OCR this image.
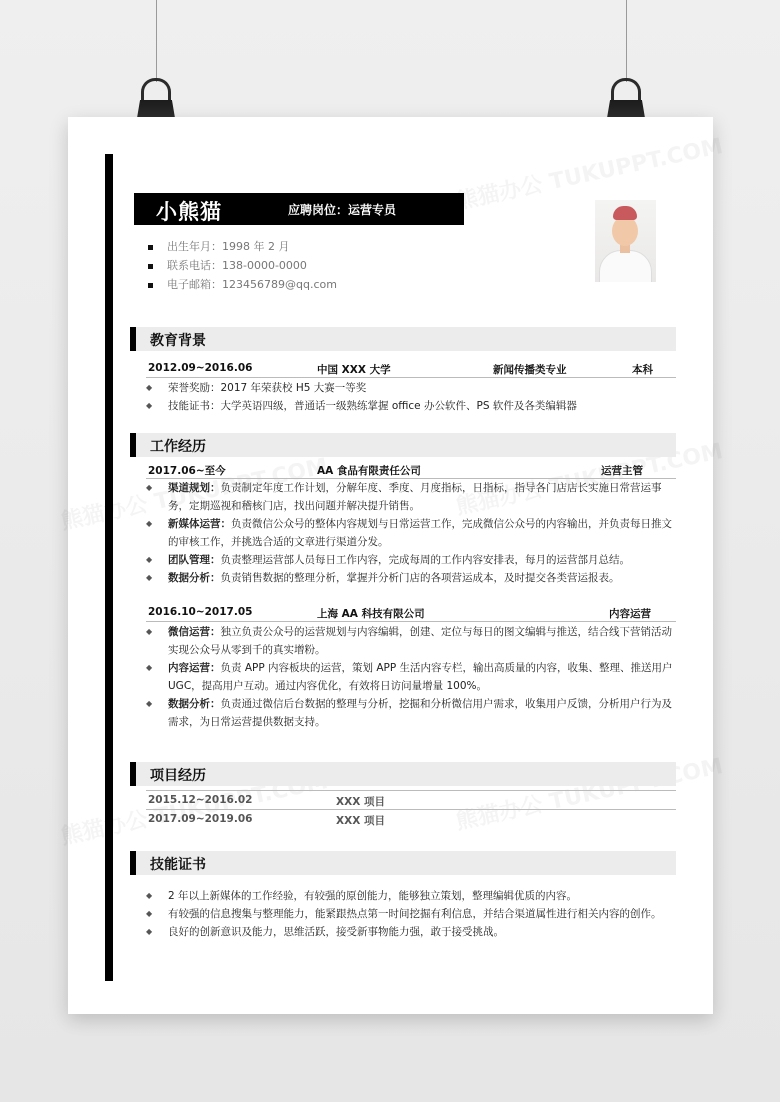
小熊猫	应聘岗位：运营专员
出生年月：1998 年 2 月
联系电话：138-0000-0000
电子邮箱：123456789@qq.com
教育背景
2012.09~2016.06	中国 XXX 大学	新闻传播类专业	本科
◆ 荣誉奖励：2017 年荣获校 H5 大赛一等奖
◆ 技能证书：大学英语四级，普通话一级熟练掌握 office 办公软件、PS 软件及各类编辑器
工作经历
2017.06~至今	AA 食品有限责任公司	运营主管
◆ 渠道规划：负责制定年度工作计划，分解年度、季度、月度指标，日指标，指导各门店店长实施日常营运事务，定期巡视和稽核门店，找出问题并解决提升销售。
◆ 新媒体运营：负责微信公众号的整体内容规划与日常运营工作，完成微信公众号的内容输出，并负责每日推文的审核工作，并挑选合适的文章进行渠道分发。
◆ 团队管理：负责整理运营部人员每日工作内容，完成每周的工作内容安排表，每月的运营部月总结。
◆ 数据分析：负责销售数据的整理分析，掌握并分析门店的各项营运成本，及时提交各类营运报表。
2016.10~2017.05	上海 AA 科技有限公司	内容运营
◆ 微信运营：独立负责公众号的运营规划与内容编辑，创建、定位与每日的图文编辑与推送，结合线下营销活动实现公众号从零到千的真实增粉。
◆ 内容运营：负责 APP 内容板块的运营，策划 APP 生活内容专栏，输出高质量的内容，收集、整理、推送用户 UGC，提高用户互动。通过内容优化，有效将日访问量增量 100%。
◆ 数据分析：负责通过微信后台数据的整理与分析，挖掘和分析微信用户需求，收集用户反馈，分析用户行为及需求，为日常运营提供数据支持。
项目经历
2015.12~2016.02	XXX 项目
2017.09~2019.06	XXX 项目
技能证书
◆ 2 年以上新媒体的工作经验，有较强的原创能力，能够独立策划，整理编辑优质的内容。
◆ 有较强的信息搜集与整理能力，能紧跟热点第一时间挖掘有利信息，并结合渠道属性进行相关内容的创作。
◆ 良好的创新意识及能力，思维活跃，接受新事物能力强，敢于接受挑战。
